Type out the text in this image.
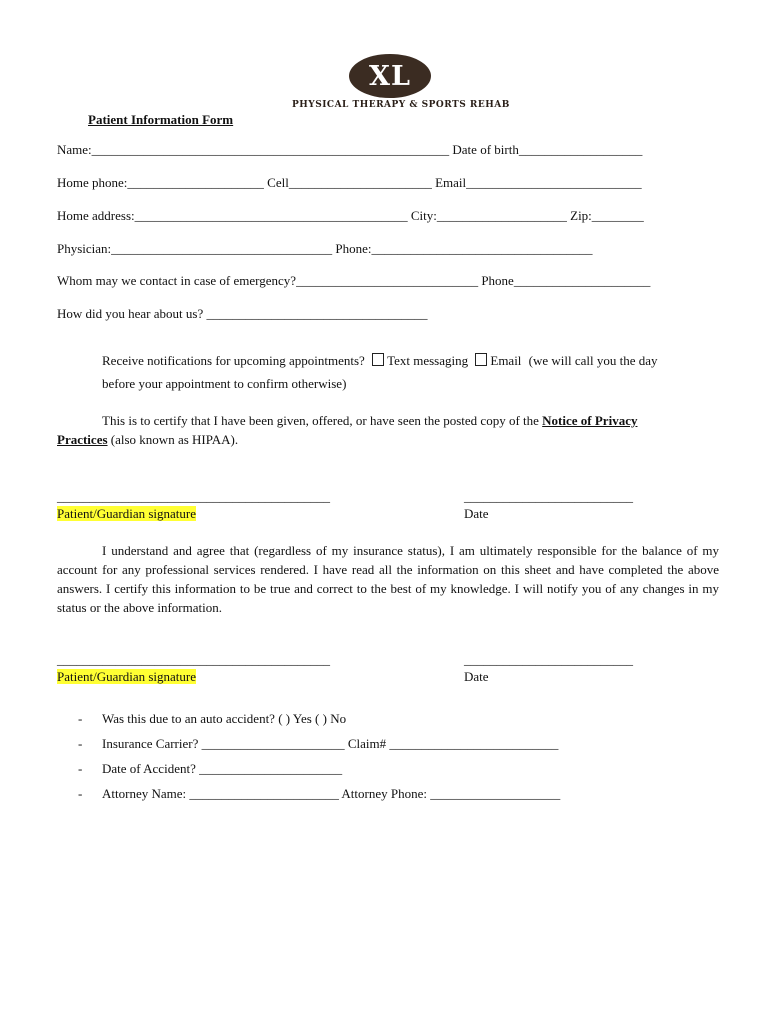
XL
PHYSICAL THERAPY & SPORTS REHAB
Patient Information Form
Name:_______________________________________________________ Date of birth___________________
Home phone:_____________________ Cell______________________ Email___________________________
Home address:__________________________________________ City:____________________ Zip:________
Physician:__________________________________ Phone:__________________________________
Whom may we contact in case of emergency?____________________________ Phone_____________________
How did you hear about us? __________________________________
Receive notifications for upcoming appointments? Text messaging Email (we will call you the day
before your appointment to confirm otherwise)
This is to certify that I have been given, offered, or have seen the posted copy of the Notice of Privacy
Practices (also known as HIPAA).
__________________________________________	__________________________
Patient/Guardian signature	Date
I understand and agree that (regardless of my insurance status), I am ultimately responsible for the balance of my account for any professional services rendered. I have read all the information on this sheet and have completed the above answers. I certify this information to be true and correct to the best of my knowledge. I will notify you of any changes in my status or the above information.
__________________________________________	__________________________
Patient/Guardian signature	Date
- Was this due to an auto accident? ( ) Yes ( ) No
- Insurance Carrier? ______________________ Claim# __________________________
- Date of Accident? ______________________
- Attorney Name: _______________________ Attorney Phone: ____________________
